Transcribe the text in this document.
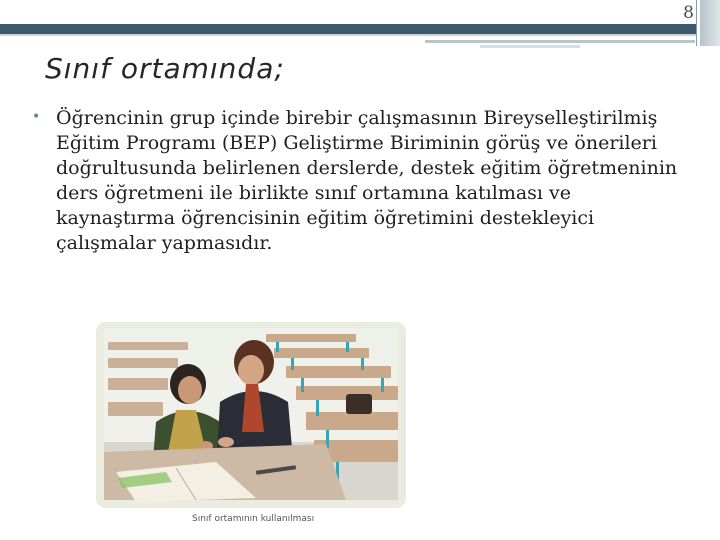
8
Sınıf ortamında;
• Öğrencinin grup içinde birebir çalışmasının Bireyselleştirilmiş Eğitim Programı (BEP) Geliştirme Biriminin görüş ve önerileri doğrultusunda belirlenen derslerde, destek eğitim öğretmeninin ders öğretmeni ile birlikte sınıf ortamına katılması ve kaynaştırma öğrencisinin eğitim öğretimini destekleyici çalışmalar yapmasıdır.
Sınıf ortamının kullanılması
